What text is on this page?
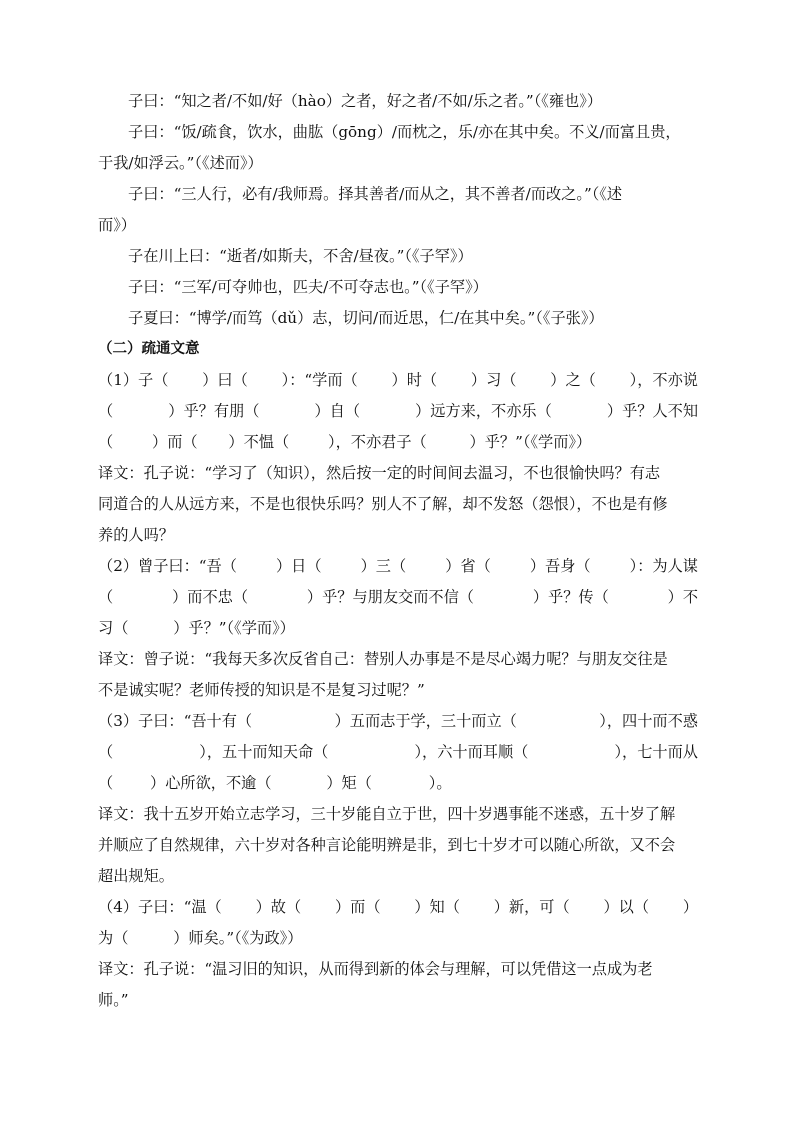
子曰：“知之者/不如/好（hào）之者，好之者/不如/乐之者。”（《雍也》）
子曰：“饭/疏食，饮水，曲肱（gōng）/而枕之，乐/亦在其中矣。不义/而富且贵，
于我/如浮云。”（《述而》）
子曰：“三人行，必有/我师焉。择其善者/而从之，其不善者/而改之。”（《述
而》）
子在川上曰：“逝者/如斯夫，不舍/昼夜。”（《子罕》）
子曰：“三军/可夺帅也，匹夫/不可夺志也。”（《子罕》）
子夏曰：“博学/而笃（dǔ）志，切问/而近思，仁/在其中矣。”（《子张》）
（二）疏通文意
（1）子（ ）曰（ ）：“学而（ ）时（ ）习（ ）之（ ），不亦说
（	）乎？有朋（	）自（	）远方来，不亦乐（	）乎？人不知
（	）而（ ）不愠（	），不亦君子（	）乎？”（《学而》）
译文：孔子说：“学习了（知识），然后按一定的时间间去温习，不也很愉快吗？有志
同道合的人从远方来，不是也很快乐吗？别人不了解，却不发怒（怨恨），不也是有修
养的人吗？
（2）曾子曰：“吾（	）日（	）三（	）省（	）吾身（	）：为人谋
（	）而不忠（	）乎？与朋友交而不信（	）乎？传（	）不
习（	）乎？”（《学而》）
译文：曾子说：“我每天多次反省自己：替别人办事是不是尽心竭力呢？与朋友交往是
不是诚实呢？老师传授的知识是不是复习过呢？”
（3）子曰：“吾十有（	）五而志于学，三十而立（	），四十而不惑
（	），五十而知天命（	），六十而耳顺（	），七十而从
（ ）心所欲，不逾（	）矩（	）。
译文：我十五岁开始立志学习，三十岁能自立于世，四十岁遇事能不迷惑，五十岁了解
并顺应了自然规律，六十岁对各种言论能明辨是非，到七十岁才可以随心所欲，又不会
超出规矩。
（4）子曰：“温（ ）故（ ）而（ ）知（ ）新，可（ ）以（ ）
为（	）师矣。”（《为政》）
译文：孔子说：“温习旧的知识，从而得到新的体会与理解，可以凭借这一点成为老
师。”
